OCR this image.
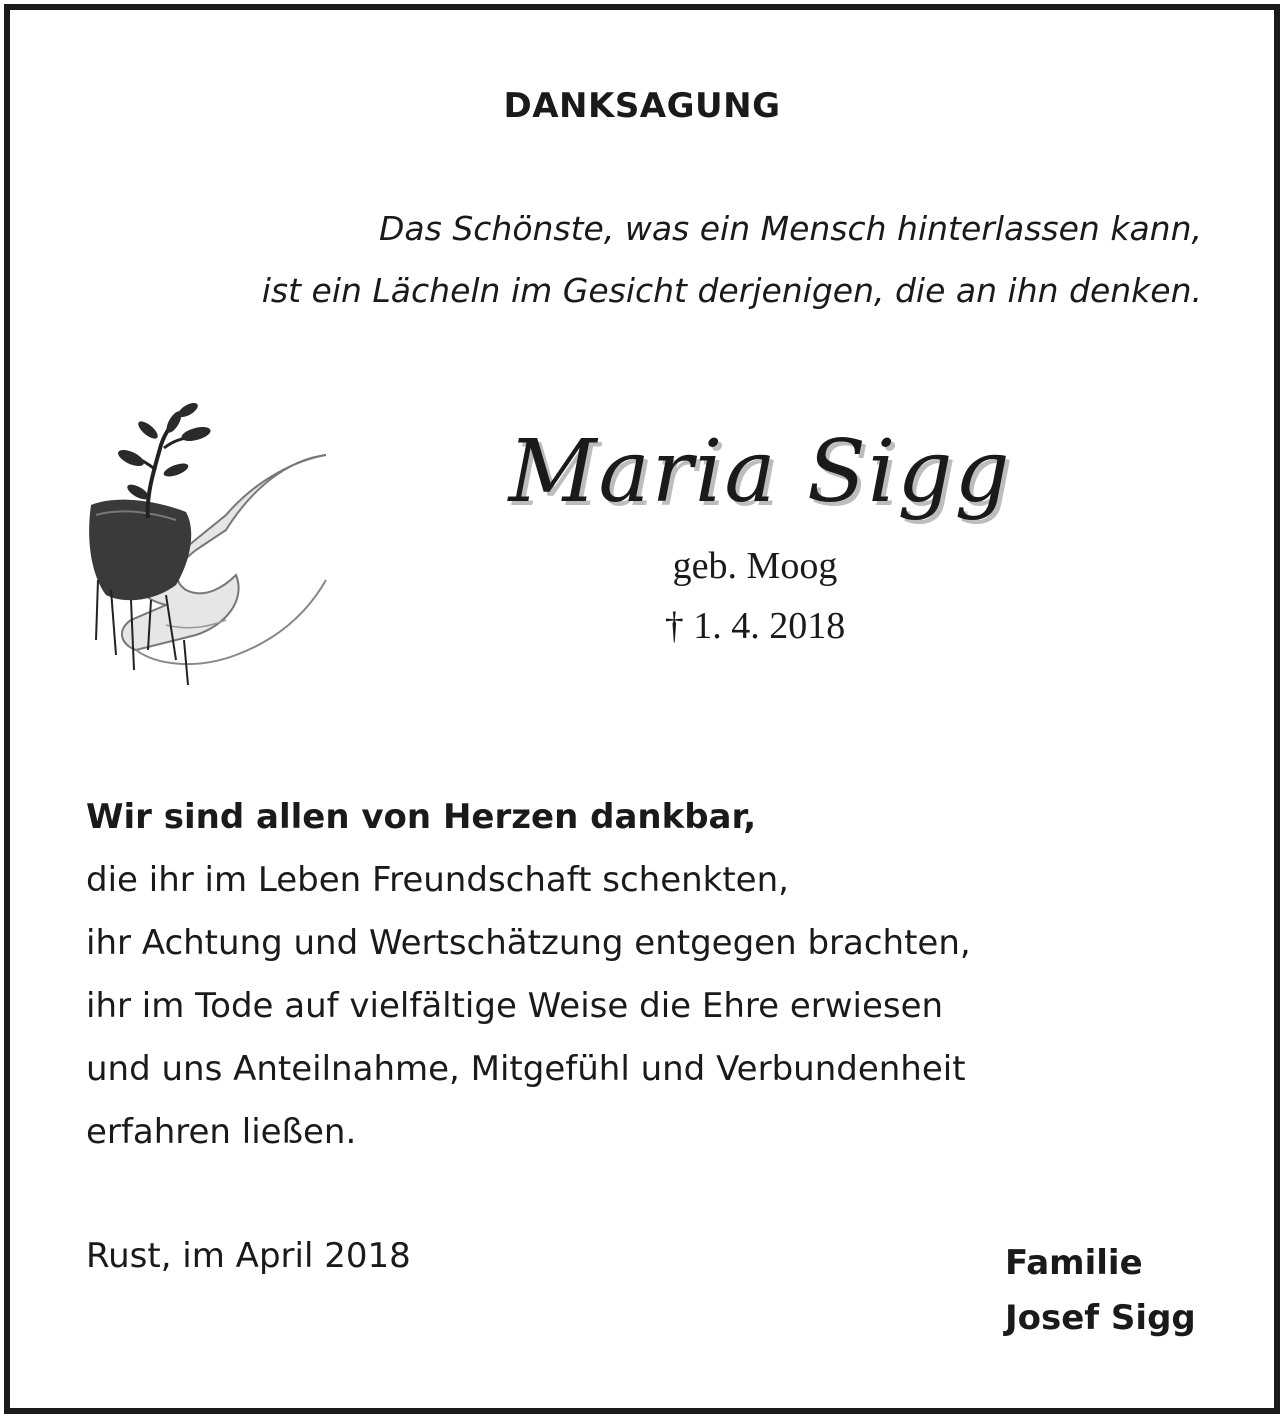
DANKSAGUNG
Das Schönste, was ein Mensch hinterlassen kann,
ist ein Lächeln im Gesicht derjenigen, die an ihn denken.
Maria Sigg
geb. Moog
† 1. 4. 2018
Wir sind allen von Herzen dankbar,
die ihr im Leben Freundschaft schenkten,
ihr Achtung und Wertschätzung entgegen brachten,
ihr im Tode auf vielfältige Weise die Ehre erwiesen
und uns Anteilnahme, Mitgefühl und Verbundenheit
erfahren ließen.
Rust, im April 2018	Familie
Josef Sigg
